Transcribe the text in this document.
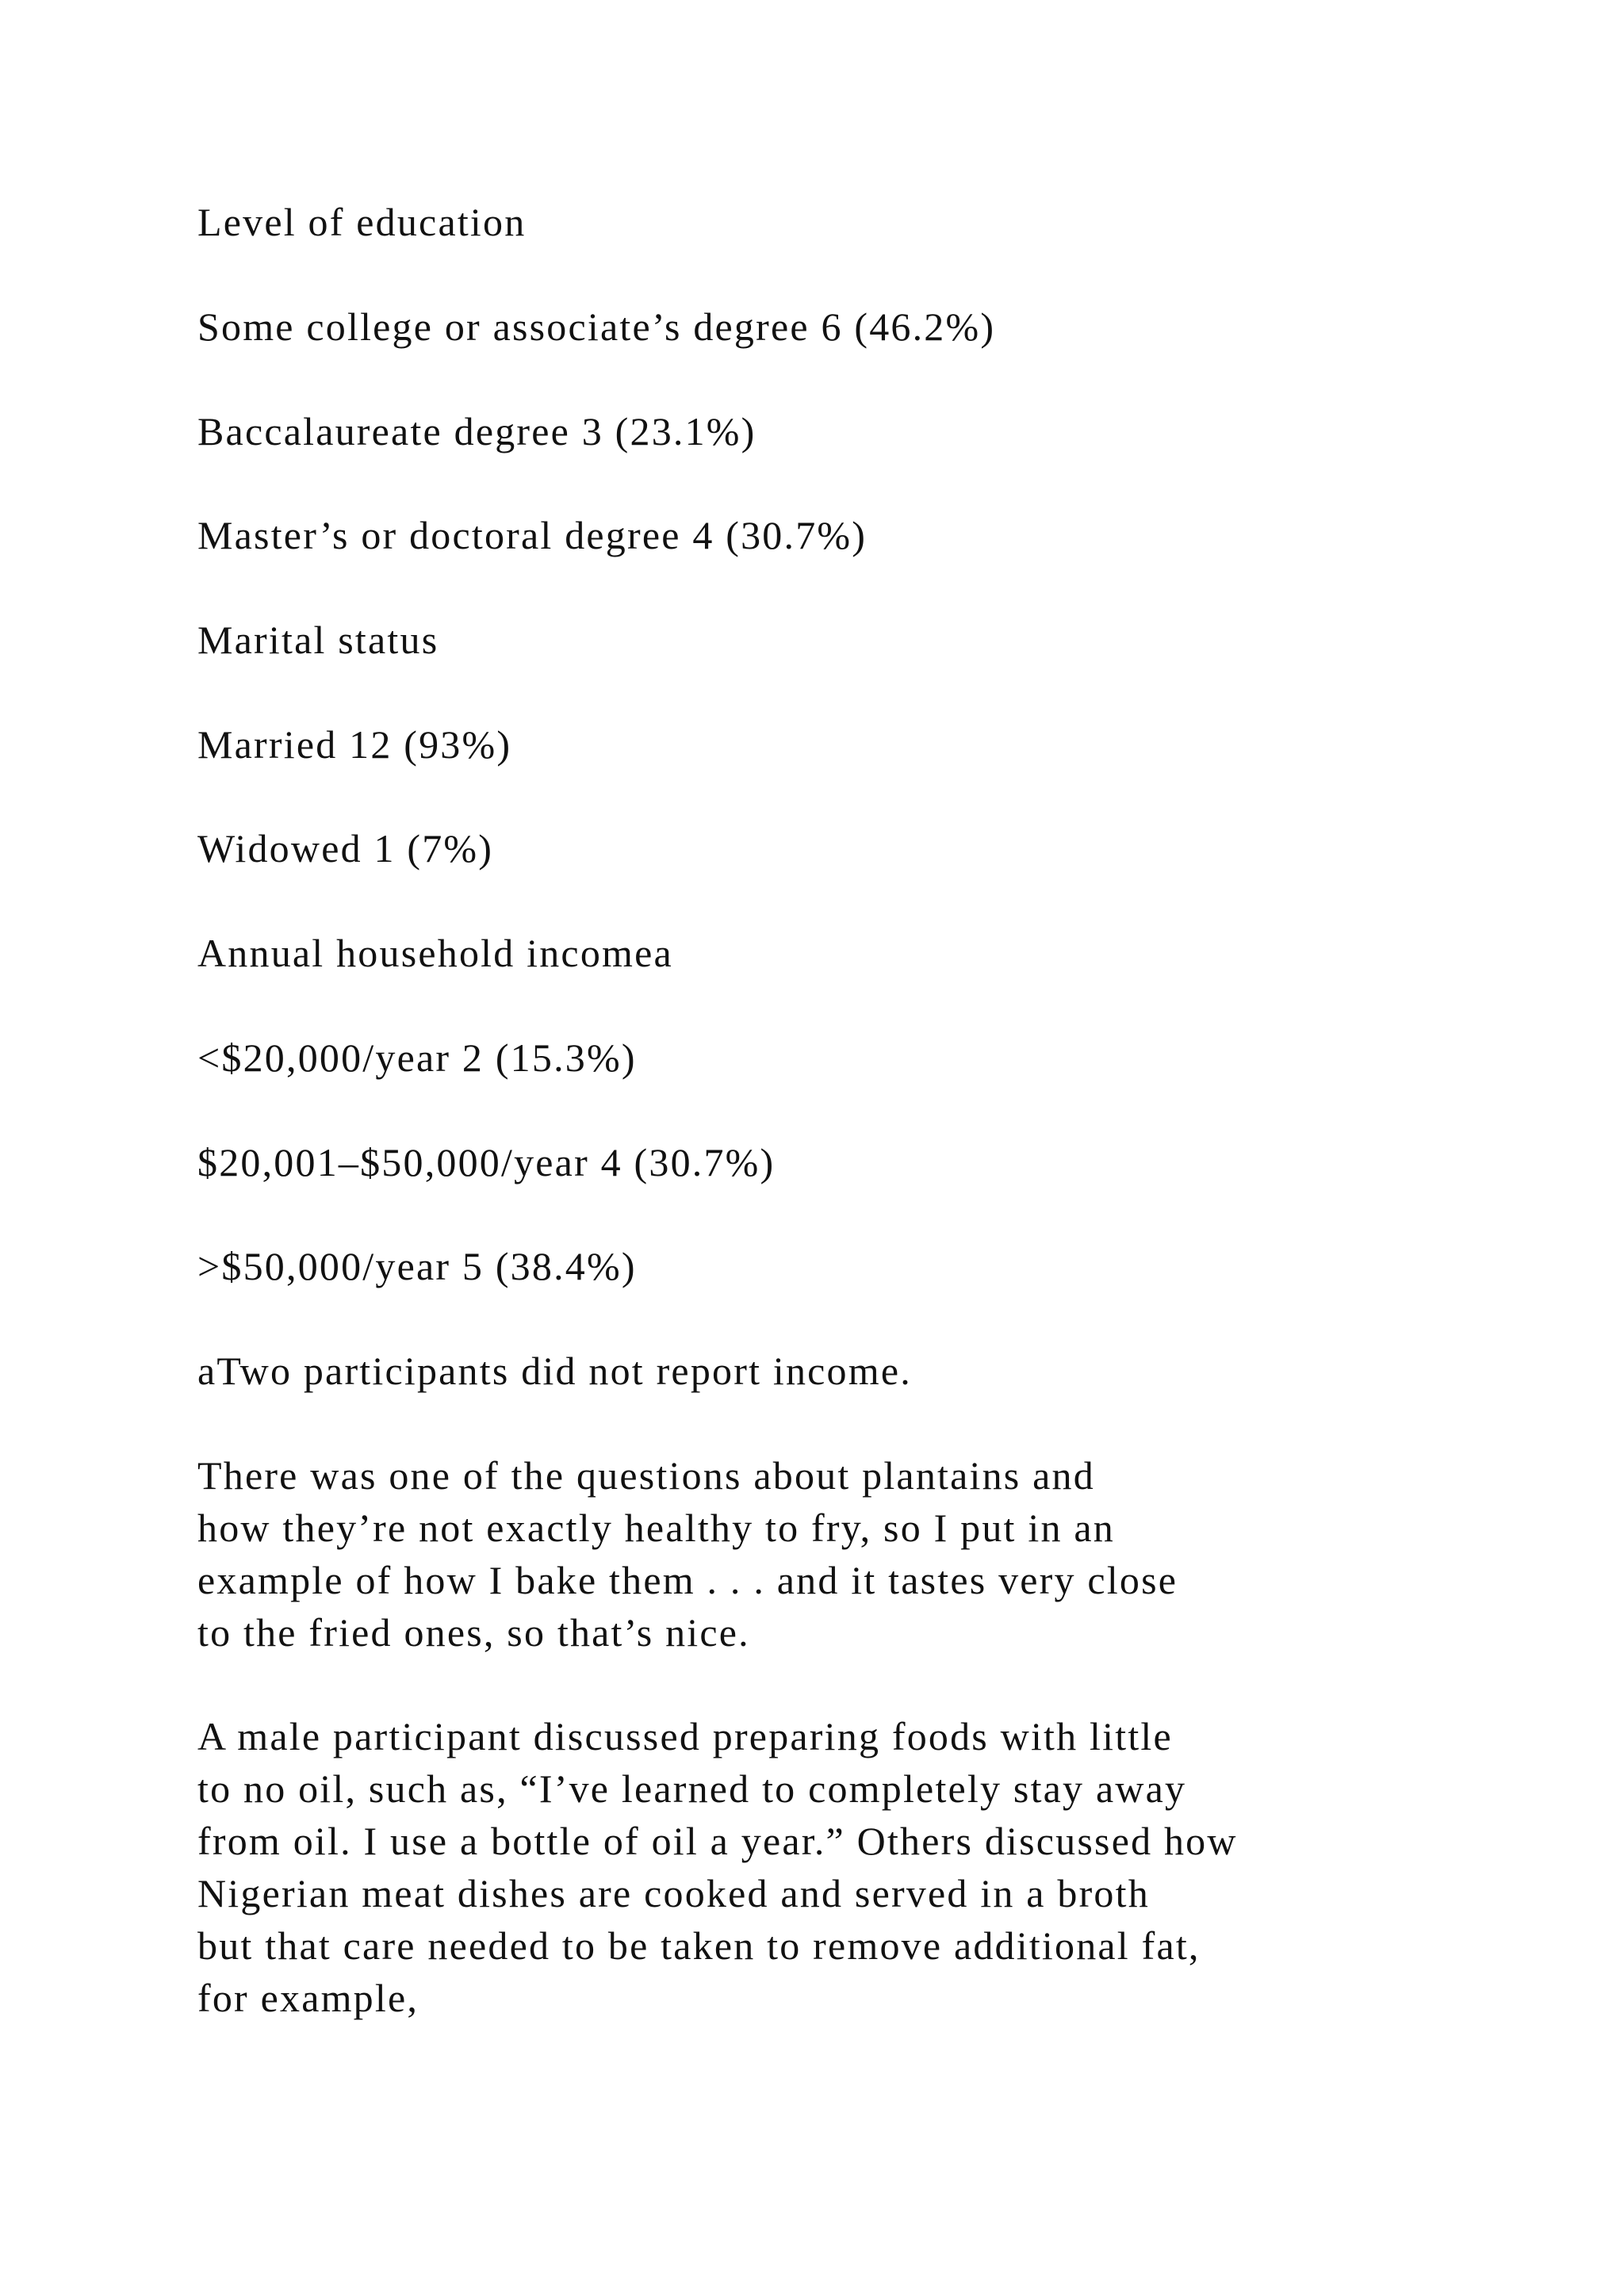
Level of education
Some college or associate’s degree 6 (46.2%)
Baccalaureate degree 3 (23.1%)
Master’s or doctoral degree 4 (30.7%)
Marital status
Married 12 (93%)
Widowed 1 (7%)
Annual household incomea
<$20,000/year 2 (15.3%)
$20,001–$50,000/year 4 (30.7%)
>$50,000/year 5 (38.4%)
aTwo participants did not report income.
There was one of the questions about plantains and
how they’re not exactly healthy to fry, so I put in an
example of how I bake them . . . and it tastes very close
to the fried ones, so that’s nice.
A male participant discussed preparing foods with little
to no oil, such as, “I’ve learned to completely stay away
from oil. I use a bottle of oil a year.” Others discussed how
Nigerian meat dishes are cooked and served in a broth
but that care needed to be taken to remove additional fat,
for example,
